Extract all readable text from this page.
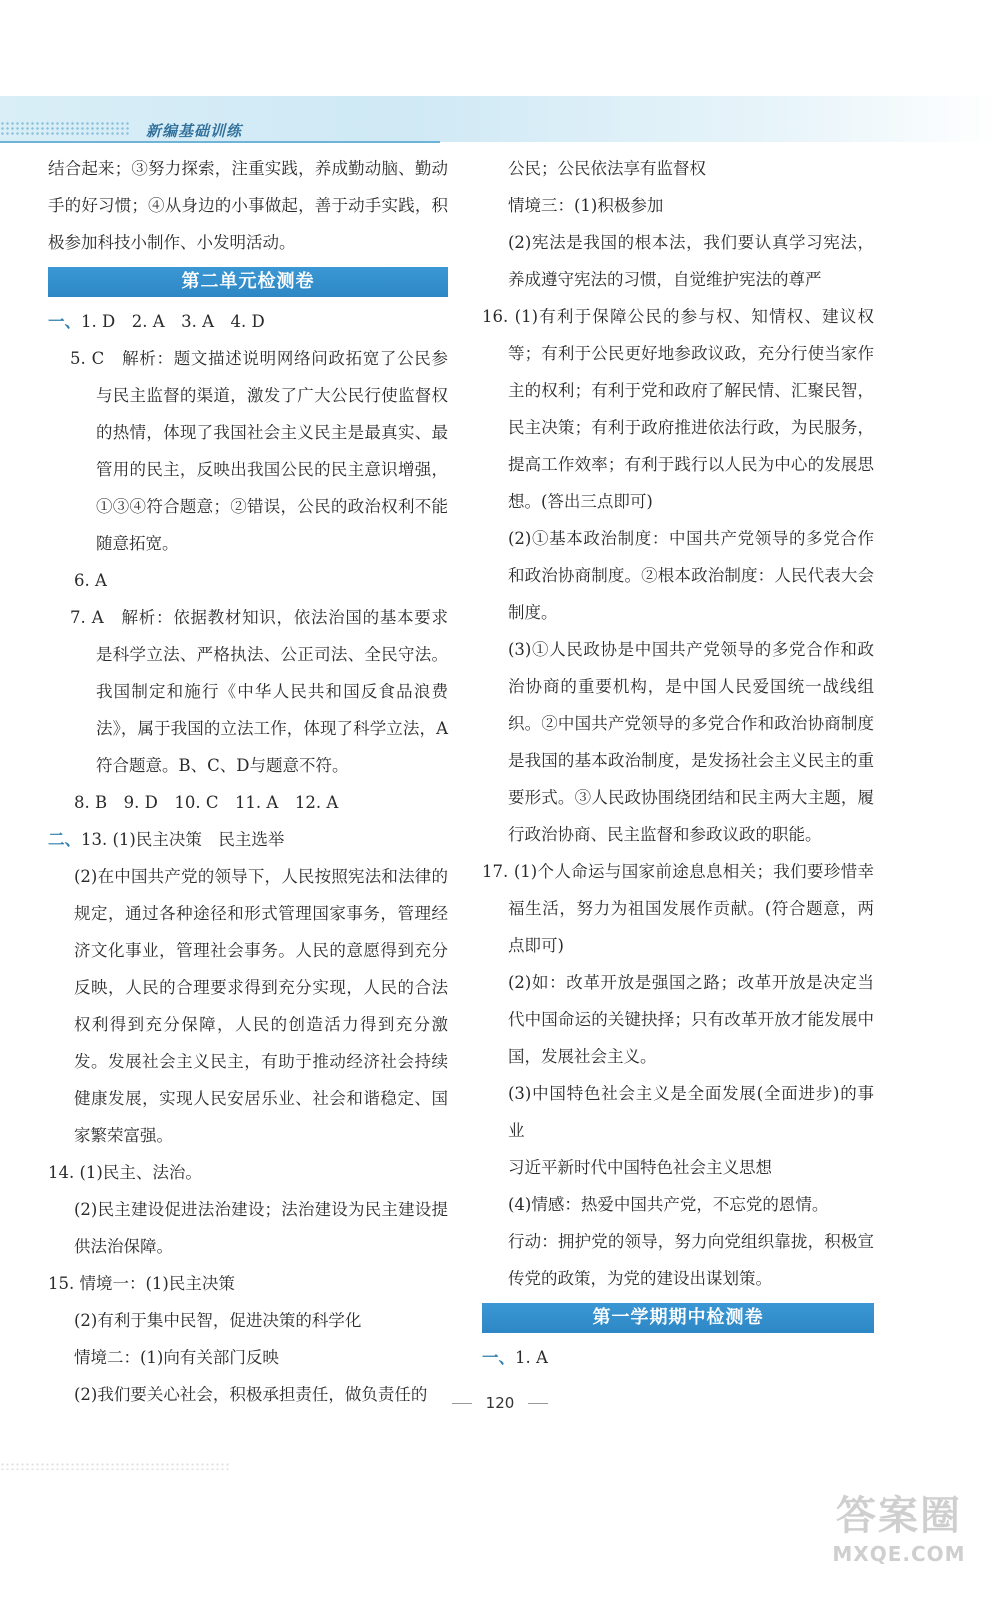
新编基础训练

结合起来；③努力探索，注重实践，养成勤动脑、勤动手的好习惯；④从身边的小事做起，善于动手实践，积极参加科技小制作、小发明活动。

第二单元检测卷

一、1. D　2. A　3. A　4. D

5. C　解析：题文描述说明网络问政拓宽了公民参与民主监督的渠道，激发了广大公民行使监督权的热情，体现了我国社会主义民主是最真实、最管用的民主，反映出我国公民的民主意识增强，①③④符合题意；②错误，公民的政治权利不能随意拓宽。

6. A

7. A　解析：依据教材知识，依法治国的基本要求是科学立法、严格执法、公正司法、全民守法。我国制定和施行《中华人民共和国反食品浪费法》，属于我国的立法工作，体现了科学立法，A符合题意。B、C、D与题意不符。

8. B　9. D　10. C　11. A　12. A

二、13. (1)民主决策　民主选举

(2)在中国共产党的领导下，人民按照宪法和法律的规定，通过各种途径和形式管理国家事务，管理经济文化事业，管理社会事务。人民的意愿得到充分反映，人民的合理要求得到充分实现，人民的合法权利得到充分保障，人民的创造活力得到充分激发。发展社会主义民主，有助于推动经济社会持续健康发展，实现人民安居乐业、社会和谐稳定、国家繁荣富强。

14. (1)民主、法治。

(2)民主建设促进法治建设；法治建设为民主建设提供法治保障。

15. 情境一：(1)民主决策

(2)有利于集中民智，促进决策的科学化

情境二：(1)向有关部门反映

(2)我们要关心社会，积极承担责任，做负责任的

公民；公民依法享有监督权

情境三：(1)积极参加

(2)宪法是我国的根本法，我们要认真学习宪法，养成遵守宪法的习惯，自觉维护宪法的尊严

16. (1)有利于保障公民的参与权、知情权、建议权等；有利于公民更好地参政议政，充分行使当家作主的权利；有利于党和政府了解民情、汇聚民智，民主决策；有利于政府推进依法行政，为民服务，提高工作效率；有利于践行以人民为中心的发展思想。(答出三点即可)

(2)①基本政治制度：中国共产党领导的多党合作和政治协商制度。②根本政治制度：人民代表大会制度。

(3)①人民政协是中国共产党领导的多党合作和政治协商的重要机构，是中国人民爱国统一战线组织。②中国共产党领导的多党合作和政治协商制度是我国的基本政治制度，是发扬社会主义民主的重要形式。③人民政协围绕团结和民主两大主题，履行政治协商、民主监督和参政议政的职能。

17. (1)个人命运与国家前途息息相关；我们要珍惜幸福生活，努力为祖国发展作贡献。(符合题意，两点即可)

(2)如：改革开放是强国之路；改革开放是决定当代中国命运的关键抉择；只有改革开放才能发展中国，发展社会主义。

(3)中国特色社会主义是全面发展(全面进步)的事业

习近平新时代中国特色社会主义思想

(4)情感：热爱中国共产党，不忘党的恩情。

行动：拥护党的领导，努力向党组织靠拢，积极宣传党的政策，为党的建设出谋划策。

第一学期期中检测卷

一、1. A

120
答案圈
MXQE.COM
